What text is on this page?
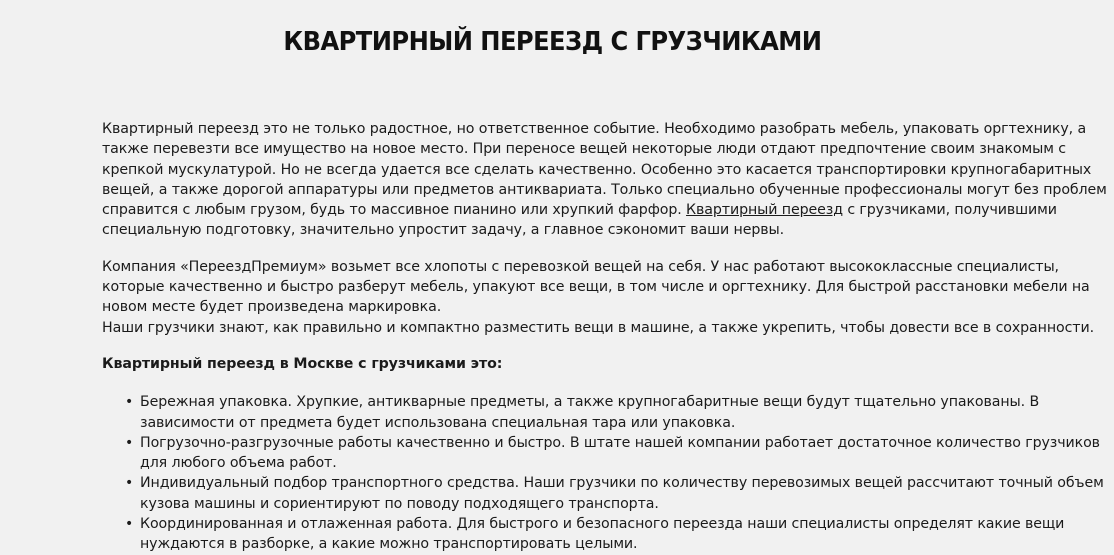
КВАРТИРНЫЙ ПЕРЕЕЗД С ГРУЗЧИКАМИ

Квартирный переезд это не только радостное, но ответственное событие. Необходимо разобрать мебель, упаковать оргтехнику, а также перевезти все имущество на новое место. При переносе вещей некоторые люди отдают предпочтение своим знакомым с крепкой мускулатурой. Но не всегда удается все сделать качественно. Особенно это касается транспортировки крупногабаритных вещей, а также дорогой аппаратуры или предметов антиквариата. Только специально обученные профессионалы могут без проблем справится с любым грузом, будь то массивное пианино или хрупкий фарфор. Квартирный переезд с грузчиками, получившими специальную подготовку, значительно упростит задачу, а главное сэкономит ваши нервы.

Компания «ПереездПремиум» возьмет все хлопоты с перевозкой вещей на себя. У нас работают высококлассные специалисты, которые качественно и быстро разберут мебель, упакуют все вещи, в том числе и оргтехнику. Для быстрой расстановки мебели на новом месте будет произведена маркировка.

Наши грузчики знают, как правильно и компактно разместить вещи в машине, а также укрепить, чтобы довести все в сохранности.

Квартирный переезд в Москве с грузчиками это:

• Бережная упаковка. Хрупкие, антикварные предметы, а также крупногабаритные вещи будут тщательно упакованы. В зависимости от предмета будет использована специальная тара или упаковка.
• Погрузочно-разгрузочные работы качественно и быстро. В штате нашей компании работает достаточное количество грузчиков для любого объема работ.
• Индивидуальный подбор транспортного средства. Наши грузчики по количеству перевозимых вещей рассчитают точный объем кузова машины и сориентируют по поводу подходящего транспорта.
• Координированная и отлаженная работа. Для быстрого и безопасного переезда наши специалисты определят какие вещи нуждаются в разборке, а какие можно транспортировать целыми.
